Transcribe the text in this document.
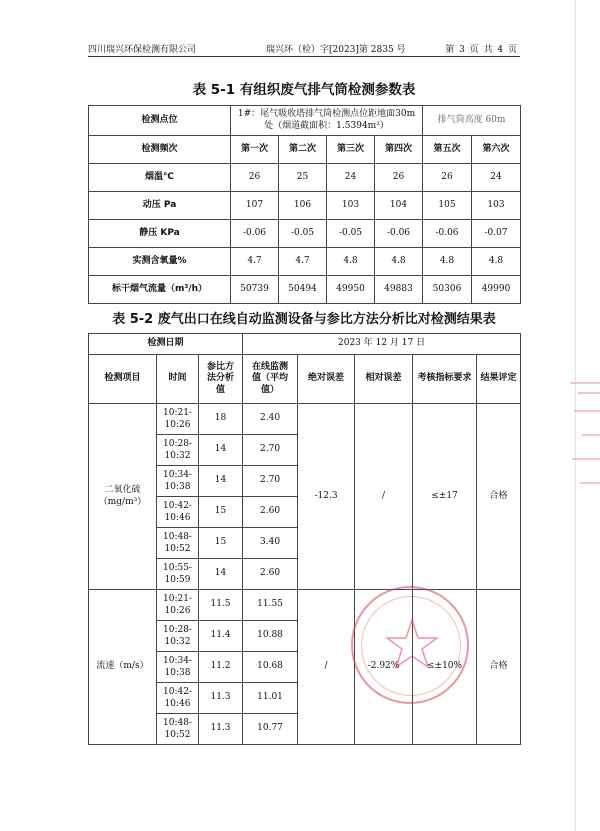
四川瑞兴环保检测有限公司	瑞兴环（检）字[2023]第 2835 号	第 3 页 共 4 页
表 5-1 有组织废气排气筒检测参数表
检测点位	1#：尾气吸收塔排气筒检测点位距地面30m 处（烟道截面积：1.5394m²）				排气筒高度 60m	
检测频次	第一次	第二次	第三次	第四次	第五次	第六次
烟温℃	26	25	24	26	26	24
动压 Pa	107	106	103	104	105	103
静压 KPa	-0.06	-0.05	-0.05	-0.06	-0.06	-0.07
实测含氧量%	4.7	4.7	4.8	4.8	4.8	4.8
标干烟气流量（m³/h）	50739	50494	49950	49883	50306	49990
表 5-2 废气出口在线自动监测设备与参比方法分析比对检测结果表
检测日期			2023 年 12 月 17 日				
检测项目	时间	参比方法分析值	在线监测值（平均值）	绝对误差	相对误差	考核指标要求	结果评定
二氧化硫（mg/m³）	10:21-10:26	18	2.40	-12.3	/	≤±17	合格
	10:28-10:32	14	2.70				
	10:34-10:38	14	2.70				
	10:42-10:46	15	2.60				
	10:48-10:52	15	3.40				
	10:55-10:59	14	2.60				
流速（m/s）	10:21-10:26	11.5	11.55	/	-2.92%	≤±10%	合格
	10:28-10:32	11.4	10.88				
	10:34-10:38	11.2	10.68				
	10:42-10:46	11.3	11.01				
	10:48-10:52	11.3	10.77				
